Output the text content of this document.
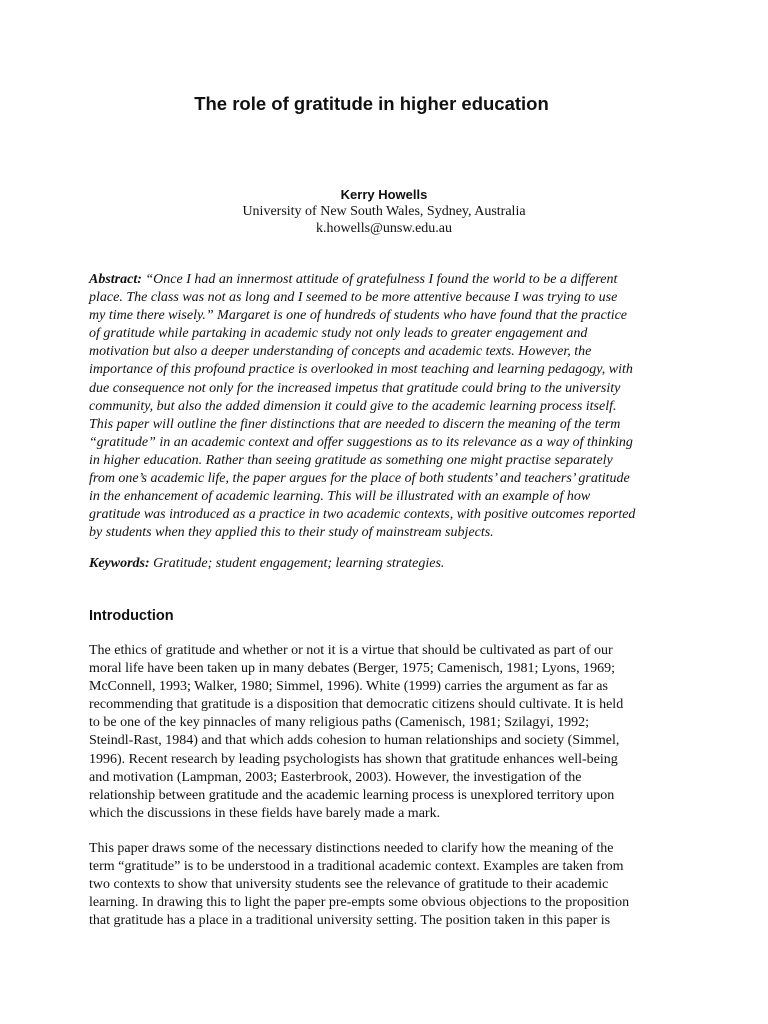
The role of gratitude in higher education
Kerry Howells
University of New South Wales, Sydney, Australia
k.howells@unsw.edu.au

Abstract: “Once I had an innermost attitude of gratefulness I found the world to be a different
place. The class was not as long and I seemed to be more attentive because I was trying to use
my time there wisely.” Margaret is one of hundreds of students who have found that the practice
of gratitude while partaking in academic study not only leads to greater engagement and
motivation but also a deeper understanding of concepts and academic texts. However, the
importance of this profound practice is overlooked in most teaching and learning pedagogy, with
due consequence not only for the increased impetus that gratitude could bring to the university
community, but also the added dimension it could give to the academic learning process itself.
This paper will outline the finer distinctions that are needed to discern the meaning of the term
“gratitude” in an academic context and offer suggestions as to its relevance as a way of thinking
in higher education. Rather than seeing gratitude as something one might practise separately
from one’s academic life, the paper argues for the place of both students’ and teachers’ gratitude
in the enhancement of academic learning. This will be illustrated with an example of how
gratitude was introduced as a practice in two academic contexts, with positive outcomes reported
by students when they applied this to their study of mainstream subjects.

Keywords: Gratitude; student engagement; learning strategies.

Introduction

The ethics of gratitude and whether or not it is a virtue that should be cultivated as part of our
moral life have been taken up in many debates (Berger, 1975; Camenisch, 1981; Lyons, 1969;
McConnell, 1993; Walker, 1980; Simmel, 1996). White (1999) carries the argument as far as
recommending that gratitude is a disposition that democratic citizens should cultivate. It is held
to be one of the key pinnacles of many religious paths (Camenisch, 1981; Szilagyi, 1992;
Steindl-Rast, 1984) and that which adds cohesion to human relationships and society (Simmel,
1996). Recent research by leading psychologists has shown that gratitude enhances well-being
and motivation (Lampman, 2003; Easterbrook, 2003). However, the investigation of the
relationship between gratitude and the academic learning process is unexplored territory upon
which the discussions in these fields have barely made a mark.

This paper draws some of the necessary distinctions needed to clarify how the meaning of the
term “gratitude” is to be understood in a traditional academic context. Examples are taken from
two contexts to show that university students see the relevance of gratitude to their academic
learning. In drawing this to light the paper pre-empts some obvious objections to the proposition
that gratitude has a place in a traditional university setting. The position taken in this paper is
